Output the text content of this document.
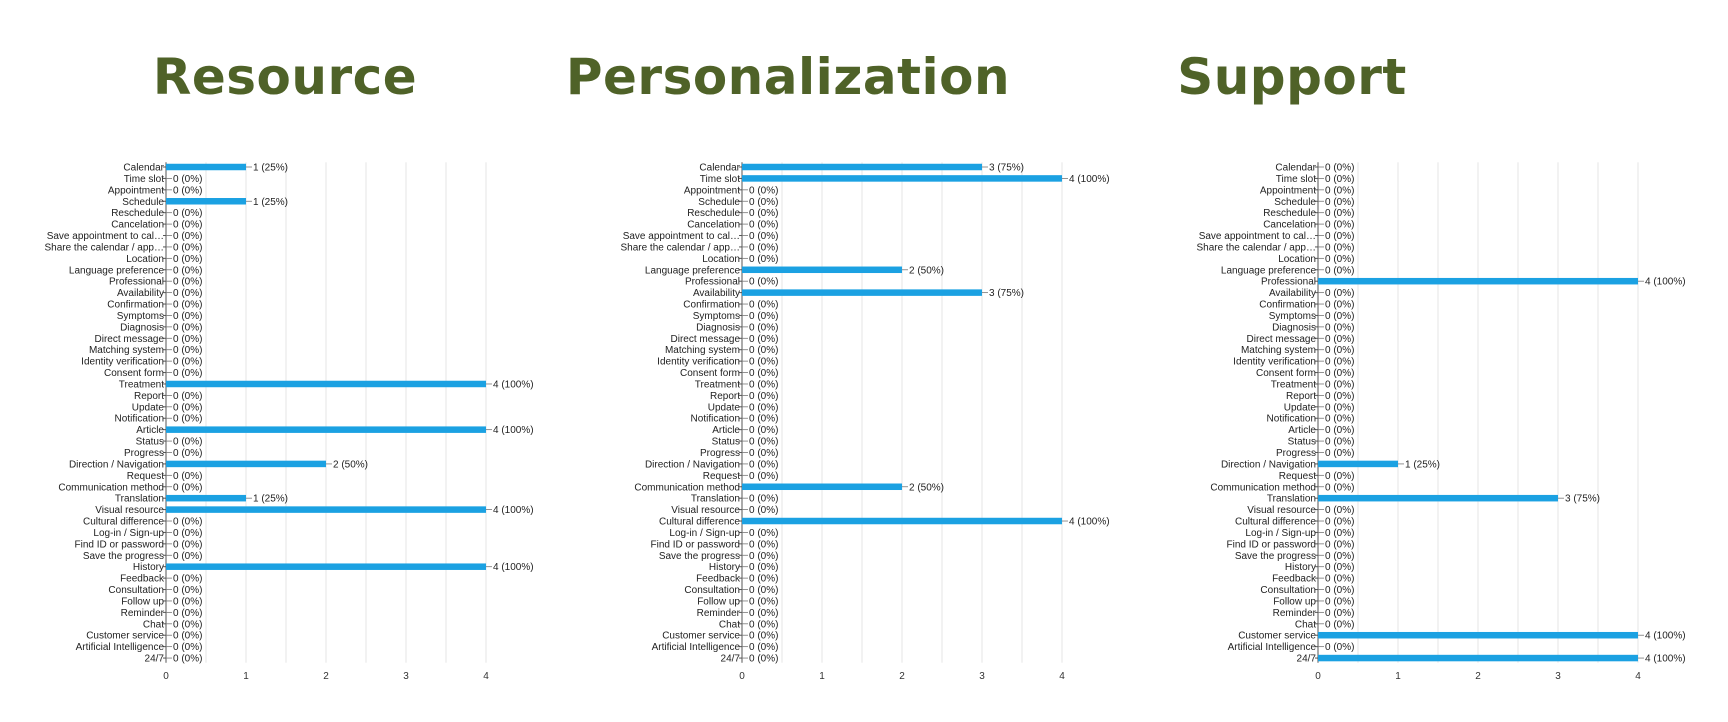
Resource
0	1	2	3	4
Calendar	1 (25%)
Time slot 0 (0%)
Appointment 0 (0%)
Schedule	1 (25%)
Reschedule 0 (0%)
Cancelation 0 (0%)
Save appointment to cal… 0 (0%)
Share the calendar / app… 0 (0%)
Location 0 (0%)
Language preference 0 (0%)
Professional 0 (0%)
Availability 0 (0%)
Confirmation 0 (0%)
Symptoms 0 (0%)
Diagnosis 0 (0%)
Direct message 0 (0%)
Matching system 0 (0%)
Identity verification 0 (0%)
Consent form 0 (0%)
Treatment	4 (100%)
Report 0 (0%)
Update 0 (0%)
Notification 0 (0%)
Article	4 (100%)
Status 0 (0%)
Progress 0 (0%)
Direction / Navigation	2 (50%)
Request 0 (0%)
Communication method 0 (0%)
Translation	1 (25%)
Visual resource	4 (100%)
Cultural difference 0 (0%)
Log-in / Sign-up 0 (0%)
Find ID or password 0 (0%)
Save the progress 0 (0%)
History	4 (100%)
Feedback 0 (0%)
Consultation 0 (0%)
Follow up 0 (0%)
Reminder 0 (0%)
Chat 0 (0%)
Customer service 0 (0%)
Artificial Intelligence 0 (0%)
24/7 0 (0%)
Personalization
0	1	2	3	4
Calendar	3 (75%)
Time slot	4 (100%)
Appointment 0 (0%)
Schedule 0 (0%)
Reschedule 0 (0%)
Cancelation 0 (0%)
Save appointment to cal… 0 (0%)
Share the calendar / app… 0 (0%)
Location 0 (0%)
Language preference	2 (50%)
Professional 0 (0%)
Availability	3 (75%)
Confirmation 0 (0%)
Symptoms 0 (0%)
Diagnosis 0 (0%)
Direct message 0 (0%)
Matching system 0 (0%)
Identity verification 0 (0%)
Consent form 0 (0%)
Treatment 0 (0%)
Report 0 (0%)
Update 0 (0%)
Notification 0 (0%)
Article 0 (0%)
Status 0 (0%)
Progress 0 (0%)
Direction / Navigation 0 (0%)
Request 0 (0%)
Communication method	2 (50%)
Translation 0 (0%)
Visual resource 0 (0%)
Cultural difference	4 (100%)
Log-in / Sign-up 0 (0%)
Find ID or password 0 (0%)
Save the progress 0 (0%)
History 0 (0%)
Feedback 0 (0%)
Consultation 0 (0%)
Follow up 0 (0%)
Reminder 0 (0%)
Chat 0 (0%)
Customer service 0 (0%)
Artificial Intelligence 0 (0%)
24/7 0 (0%)
Support
0	1	2	3	4
Calendar 0 (0%)
Time slot 0 (0%)
Appointment 0 (0%)
Schedule 0 (0%)
Reschedule 0 (0%)
Cancelation 0 (0%)
Save appointment to cal… 0 (0%)
Share the calendar / app… 0 (0%)
Location 0 (0%)
Language preference 0 (0%)
Professional	4 (100%)
Availability 0 (0%)
Confirmation 0 (0%)
Symptoms 0 (0%)
Diagnosis 0 (0%)
Direct message 0 (0%)
Matching system 0 (0%)
Identity verification 0 (0%)
Consent form 0 (0%)
Treatment 0 (0%)
Report 0 (0%)
Update 0 (0%)
Notification 0 (0%)
Article 0 (0%)
Status 0 (0%)
Progress 0 (0%)
Direction / Navigation	1 (25%)
Request 0 (0%)
Communication method 0 (0%)
Translation	3 (75%)
Visual resource 0 (0%)
Cultural difference 0 (0%)
Log-in / Sign-up 0 (0%)
Find ID or password 0 (0%)
Save the progress 0 (0%)
History 0 (0%)
Feedback 0 (0%)
Consultation 0 (0%)
Follow up 0 (0%)
Reminder 0 (0%)
Chat 0 (0%)
Customer service	4 (100%)
Artificial Intelligence 0 (0%)
24/7	4 (100%)
